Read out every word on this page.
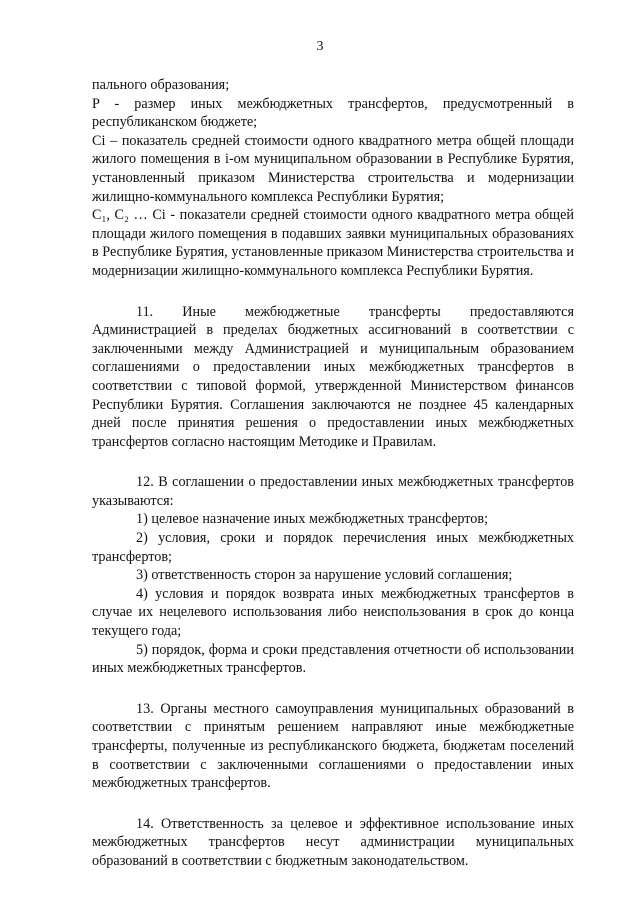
3

пального образования;

P - размер иных межбюджетных трансфертов, предусмотренный в республиканском бюджете;

Ci – показатель средней стоимости одного квадратного метра общей площади жилого помещения в i-ом муниципальном образовании в Республике Бурятия, установленный приказом Министерства строительства и модернизации жилищно-коммунального комплекса Республики Бурятия;

C₁, C₂ … Ci - показатели средней стоимости одного квадратного метра общей площади жилого помещения в подавших заявки муниципальных образованиях в Республике Бурятия, установленные приказом Министерства строительства и модернизации жилищно-коммунального комплекса Республики Бурятия.

11. Иные межбюджетные трансферты предоставляются Администрацией в пределах бюджетных ассигнований в соответствии с заключенными между Администрацией и муниципальным образованием соглашениями о предоставлении иных межбюджетных трансфертов в соответствии с типовой формой, утвержденной Министерством финансов Республики Бурятия. Соглашения заключаются не позднее 45 календарных дней после принятия решения о предоставлении иных межбюджетных трансфертов согласно настоящим Методике и Правилам.

12. В соглашении о предоставлении иных межбюджетных трансфертов указываются:

1) целевое назначение иных межбюджетных трансфертов;

2) условия, сроки и порядок перечисления иных межбюджетных трансфертов;

3) ответственность сторон за нарушение условий соглашения;

4) условия и порядок возврата иных межбюджетных трансфертов в случае их нецелевого использования либо неиспользования в срок до конца текущего года;

5) порядок, форма и сроки представления отчетности об использовании иных межбюджетных трансфертов.

13. Органы местного самоуправления муниципальных образований в соответствии с принятым решением направляют иные межбюджетные трансферты, полученные из республиканского бюджета, бюджетам поселений в соответствии с заключенными соглашениями о предоставлении иных межбюджетных трансфертов.

14. Ответственность за целевое и эффективное использование иных межбюджетных трансфертов несут администрации муниципальных образований в соответствии с бюджетным законодательством.
